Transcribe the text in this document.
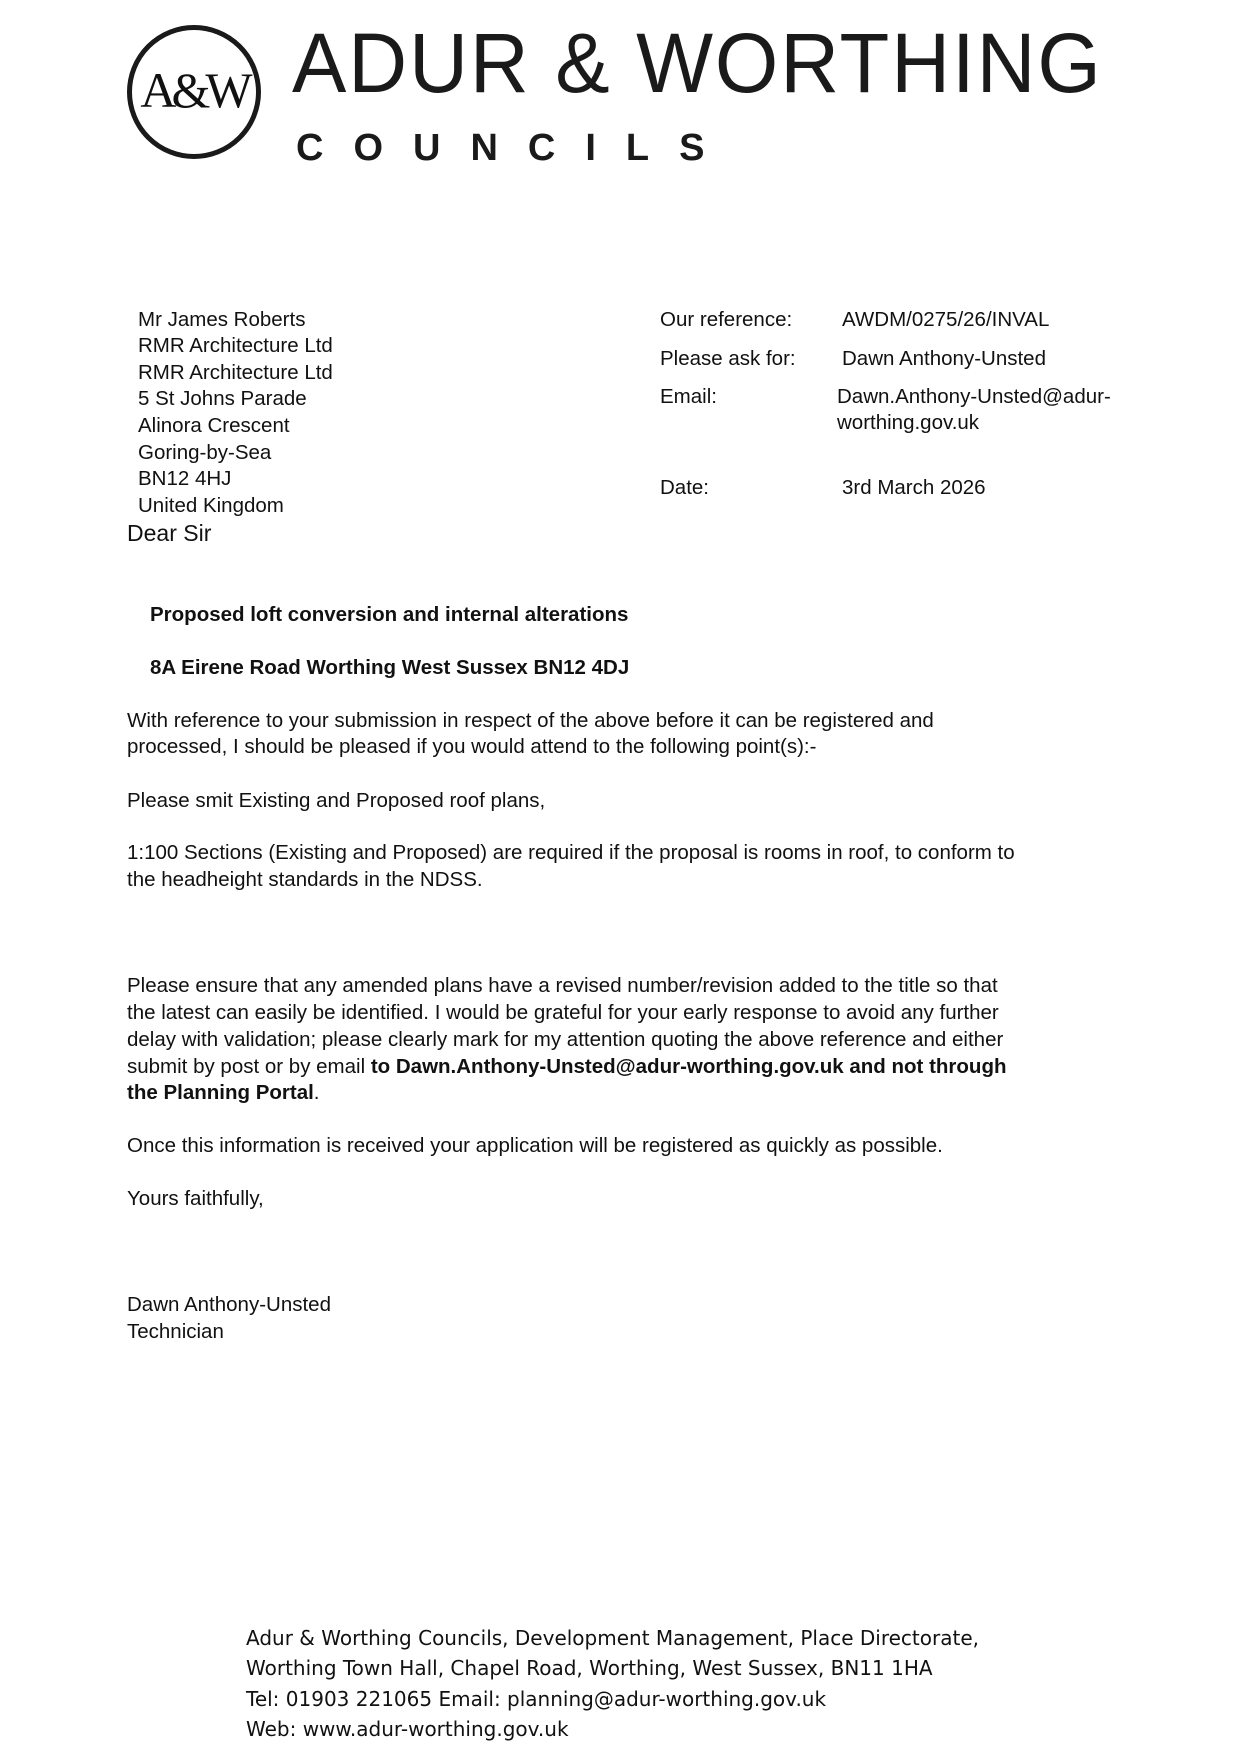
A&W ADUR & WORTHING
COUNCILS
Mr James Roberts
RMR Architecture Ltd
RMR Architecture Ltd
5 St Johns Parade
Alinora Crescent
Goring-by-Sea
BN12 4HJ
United Kingdom
Our reference: AWDM/0275/26/INVAL
Please ask for: Dawn Anthony-Unsted
Email:	Dawn.Anthony-Unsted@adur-
worthing.gov.uk
Date:	3rd March 2026
Dear Sir
Proposed loft conversion and internal alterations
8A Eirene Road Worthing West Sussex BN12 4DJ
With reference to your submission in respect of the above before it can be registered and
processed, I should be pleased if you would attend to the following point(s):-
Please smit Existing and Proposed roof plans,
1:100 Sections (Existing and Proposed) are required if the proposal is rooms in roof, to conform to
the headheight standards in the NDSS.
Please ensure that any amended plans have a revised number/revision added to the title so that
the latest can easily be identified. I would be grateful for your early response to avoid any further
delay with validation; please clearly mark for my attention quoting the above reference and either
submit by post or by email to Dawn.Anthony-Unsted@adur-worthing.gov.uk and not through
the Planning Portal.
Once this information is received your application will be registered as quickly as possible.
Yours faithfully,
Dawn Anthony-Unsted
Technician
Adur & Worthing Councils, Development Management, Place Directorate,
Worthing Town Hall, Chapel Road, Worthing, West Sussex, BN11 1HA
Tel: 01903 221065 Email: planning@adur-worthing.gov.uk
Web: www.adur-worthing.gov.uk
